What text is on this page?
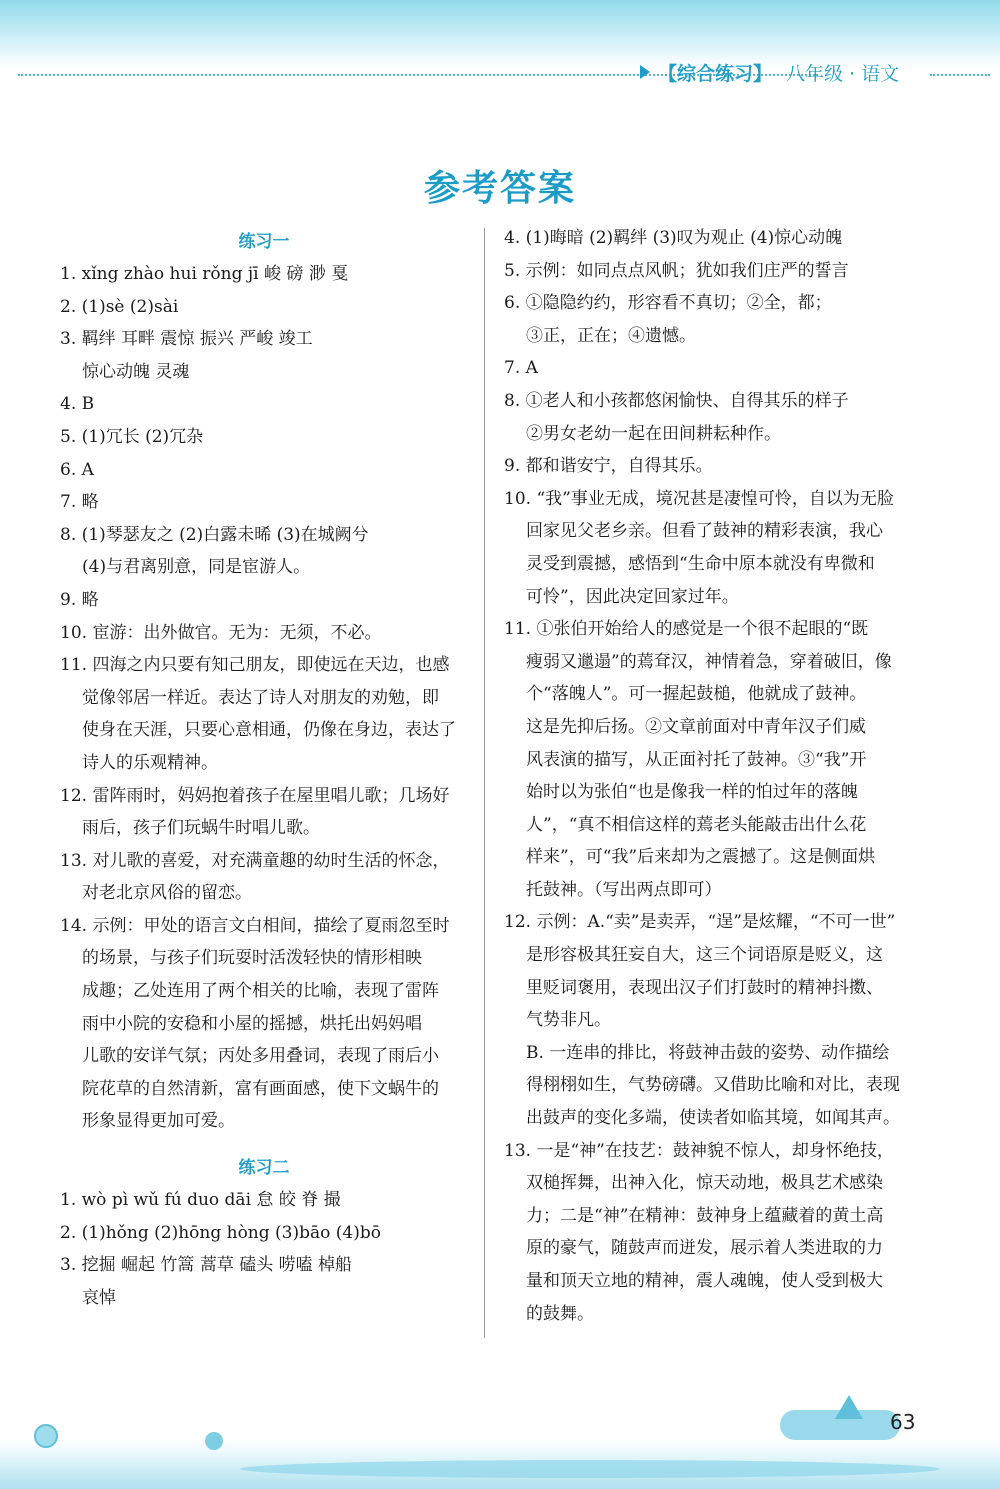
【综合练习】 八年级 · 语文
参考答案
练习一
1. xǐng zhào hui rǒng jī 峻 磅 渺 戛
2. (1)sè (2)sài
3. 羁绊 耳畔 震惊 振兴 严峻 竣工
惊心动魄 灵魂
4. B
5. (1)冗长 (2)冗杂
6. A
7. 略
8. (1)琴瑟友之 (2)白露未晞 (3)在城阙兮
(4)与君离别意，同是宦游人。
9. 略
10. 宦游：出外做官。无为：无须，不必。
11. 四海之内只要有知己朋友，即使远在天边，也感
觉像邻居一样近。表达了诗人对朋友的劝勉，即
使身在天涯，只要心意相通，仍像在身边，表达了
诗人的乐观精神。
12. 雷阵雨时，妈妈抱着孩子在屋里唱儿歌；几场好
雨后，孩子们玩蜗牛时唱儿歌。
13. 对儿歌的喜爱，对充满童趣的幼时生活的怀念，
对老北京风俗的留恋。
14. 示例：甲处的语言文白相间，描绘了夏雨忽至时
的场景，与孩子们玩耍时活泼轻快的情形相映
成趣；乙处连用了两个相关的比喻，表现了雷阵
雨中小院的安稳和小屋的摇撼，烘托出妈妈唱
儿歌的安详气氛；丙处多用叠词，表现了雨后小
院花草的自然清新，富有画面感，使下文蜗牛的
形象显得更加可爱。
练习二
1. wò pì wǔ fú duo dāi 怠 皎 脊 撮
2. (1)hǒng (2)hōng hòng (3)bāo (4)bō
3. 挖掘 崛起 竹篙 蒿草 磕头 唠嗑 棹船
哀悼
4. (1)晦暗 (2)羁绊 (3)叹为观止 (4)惊心动魄
5. 示例：如同点点风帆；犹如我们庄严的誓言
6. ①隐隐约约，形容看不真切；②全，都；
③正，正在；④遗憾。
7. A
8. ①老人和小孩都悠闲愉快、自得其乐的样子
②男女老幼一起在田间耕耘种作。
9. 都和谐安宁，自得其乐。
10. “我”事业无成，境况甚是凄惶可怜，自以为无脸
回家见父老乡亲。但看了鼓神的精彩表演，我心
灵受到震撼，感悟到“生命中原本就没有卑微和
可怜”，因此决定回家过年。
11. ①张伯开始给人的感觉是一个很不起眼的“既
瘦弱又邋遢”的蔫耷汉，神情着急，穿着破旧，像
个“落魄人”。可一握起鼓槌，他就成了鼓神。
这是先抑后扬。②文章前面对中青年汉子们威
风表演的描写，从正面衬托了鼓神。③“我”开
始时以为张伯“也是像我一样的怕过年的落魄
人”，“真不相信这样的蔫老头能敲击出什么花
样来”，可“我”后来却为之震撼了。这是侧面烘
托鼓神。（写出两点即可）
12. 示例：A.“卖”是卖弄，“逞”是炫耀，“不可一世”
是形容极其狂妄自大，这三个词语原是贬义，这
里贬词褒用，表现出汉子们打鼓时的精神抖擞、
气势非凡。
B. 一连串的排比，将鼓神击鼓的姿势、动作描绘
得栩栩如生，气势磅礴。又借助比喻和对比，表现
出鼓声的变化多端，使读者如临其境，如闻其声。
13. 一是“神”在技艺：鼓神貌不惊人，却身怀绝技，
双槌挥舞，出神入化，惊天动地，极具艺术感染
力；二是“神”在精神：鼓神身上蕴藏着的黄土高
原的豪气，随鼓声而迸发，展示着人类进取的力
量和顶天立地的精神，震人魂魄，使人受到极大
的鼓舞。
63
